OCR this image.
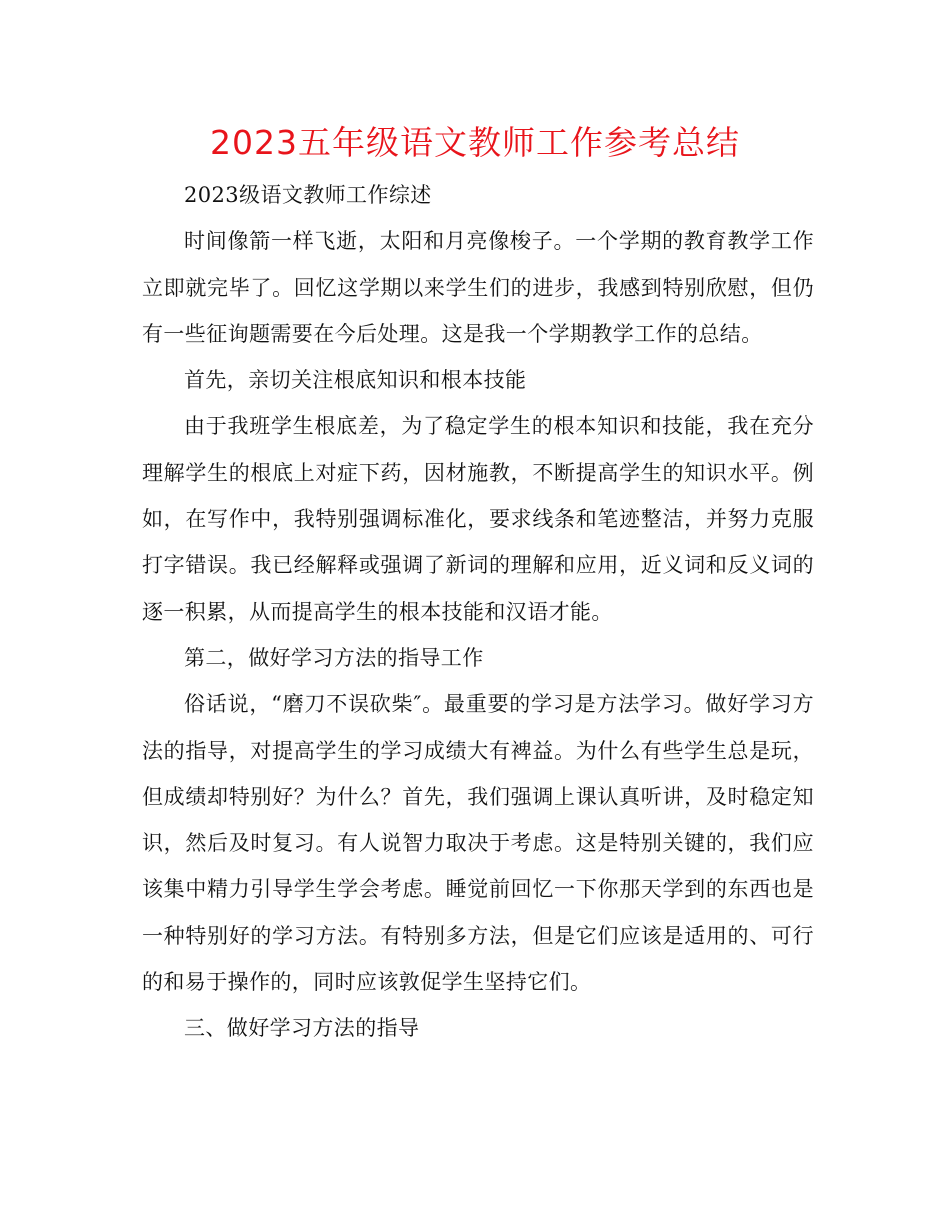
2023五年级语文教师工作参考总结

2023级语文教师工作综述

时间像箭一样飞逝，太阳和月亮像梭子。一个学期的教育教学工作立即就完毕了。回忆这学期以来学生们的进步，我感到特别欣慰，但仍有一些征询题需要在今后处理。这是我一个学期教学工作的总结。

首先，亲切关注根底知识和根本技能

由于我班学生根底差，为了稳定学生的根本知识和技能，我在充分理解学生的根底上对症下药，因材施教，不断提高学生的知识水平。例如，在写作中，我特别强调标准化，要求线条和笔迹整洁，并努力克服打字错误。我已经解释或强调了新词的理解和应用，近义词和反义词的逐一积累，从而提高学生的根本技能和汉语才能。

第二，做好学习方法的指导工作

俗话说，“磨刀不误砍柴″。最重要的学习是方法学习。做好学习方法的指导，对提高学生的学习成绩大有裨益。为什么有些学生总是玩，但成绩却特别好？为什么？首先，我们强调上课认真听讲，及时稳定知识，然后及时复习。有人说智力取决于考虑。这是特别关键的，我们应该集中精力引导学生学会考虑。睡觉前回忆一下你那天学到的东西也是一种特别好的学习方法。有特别多方法，但是它们应该是适用的、可行的和易于操作的，同时应该敦促学生坚持它们。

三、做好学习方法的指导
